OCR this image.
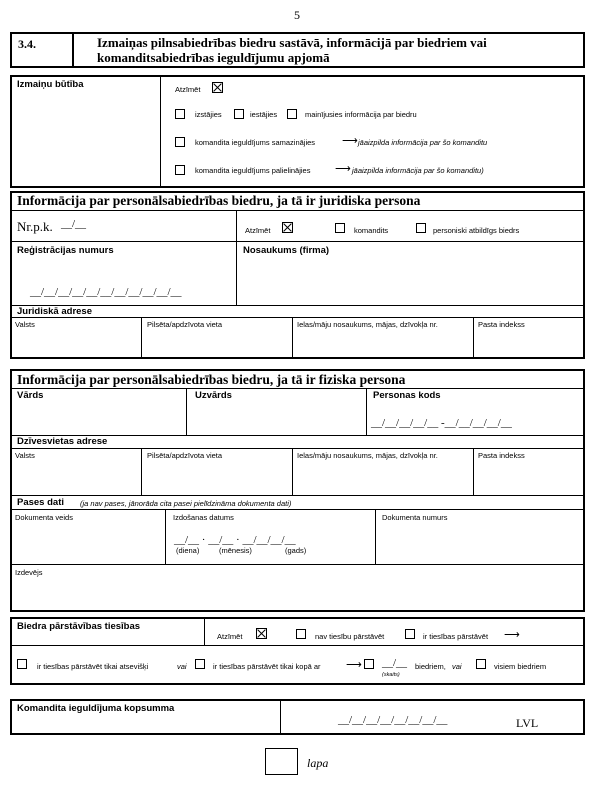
5
3.4.	Izmaiņas pilnsabiedrības biedru sastāvā, informācijā par biedriem vai
komanditsabiedrības ieguldījumu apjomā
Izmaiņu būtība	Atzīmēt
izstājies	iestājies	mainījusies informācija par biedru
komandita ieguldījums samazinājies ⟶ jāaizpilda informācija par šo komanditu
komandita ieguldījums palielinājies ⟶ jāaizpilda informācija par šo komanditu)
Informācija par personālsabiedrības biedru, ja tā ir juridiska persona
Nr.p.k. __/__
Atzīmēt	komandits	personiski atbildīgs biedrs
Reģistrācijas numurs	Nosaukums (firma)
__/__/__/__/__/__/__/__/__/__/__
Juridiskā adrese
Valsts	Pilsēta/apdzīvota vieta	Ielas/māju nosaukums, mājas, dzīvokļa nr.	Pasta indekss
Informācija par personālsabiedrības biedru, ja tā ir fiziska persona
Vārds	Uzvārds	Personas kods
__/__/__/__/__ -__/__/__/__/__
Dzīvesvietas adrese
Valsts	Pilsēta/apdzīvota vieta	Ielas/māju nosaukums, mājas, dzīvokļa nr.	Pasta indekss
Pases dati (ja nav pases, jānorāda cita pasei pielīdzināma dokumenta dati)
Dokumenta veids	Izdošanas datums	Dokumenta numurs
__/__ · __/__ · __/__/__/__
(diena)	(mēnesis)	(gads)
Izdevējs
Biedra pārstāvības tiesības
Atzīmēt	nav tiesību pārstāvēt	ir tiesības pārstāvēt ⟶
ir tiesības pārstāvēt tikai atsevišķi	vai	ir tiesības pārstāvēt tikai kopā ar ⟶ __/__
(skaits)
biedriem, vai	visiem biedriem
Komandita ieguldījuma kopsumma
__/__/__/__/__/__/__/__	LVL
lapa
